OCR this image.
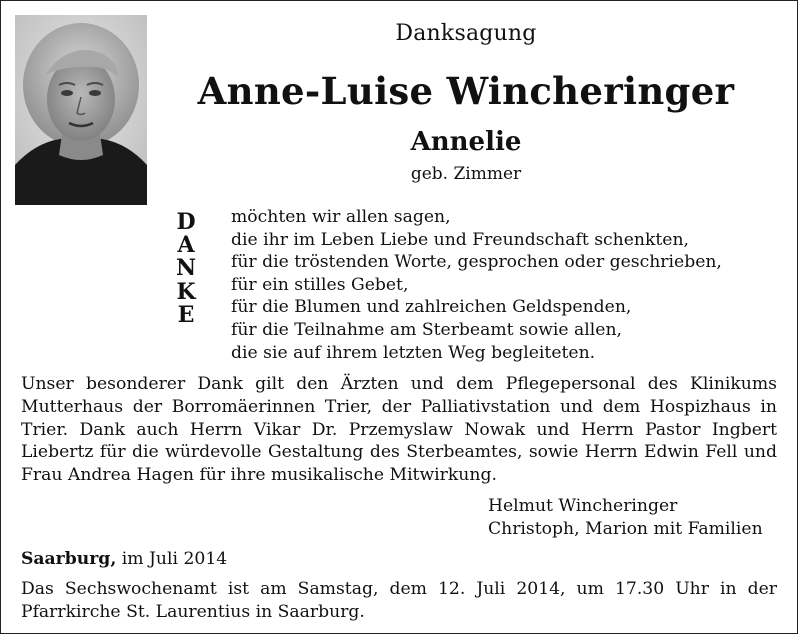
Danksagung
Anne-Luise Wincheringer
Annelie
geb. Zimmer
D
A
N
K
E
möchten wir allen sagen,
die ihr im Leben Liebe und Freundschaft schenkten,
für die tröstenden Worte, gesprochen oder geschrieben,
für ein stilles Gebet,
für die Blumen und zahlreichen Geldspenden,
für die Teilnahme am Sterbeamt sowie allen,
die sie auf ihrem letzten Weg begleiteten.
Unser besonderer Dank gilt den Ärzten und dem Pflegepersonal des Klinikums
Mutterhaus der Borromäerinnen Trier, der Palliativstation und dem Hospizhaus in
Trier. Dank auch Herrn Vikar Dr. Przemyslaw Nowak und Herrn Pastor Ingbert
Liebertz für die würdevolle Gestaltung des Sterbeamtes, sowie Herrn Edwin Fell und
Frau Andrea Hagen für ihre musikalische Mitwirkung.
Helmut Wincheringer
Christoph, Marion mit Familien
Saarburg, im Juli 2014
Das Sechswochenamt ist am Samstag, dem 12. Juli 2014, um 17.30 Uhr in der
Pfarrkirche St. Laurentius in Saarburg.
